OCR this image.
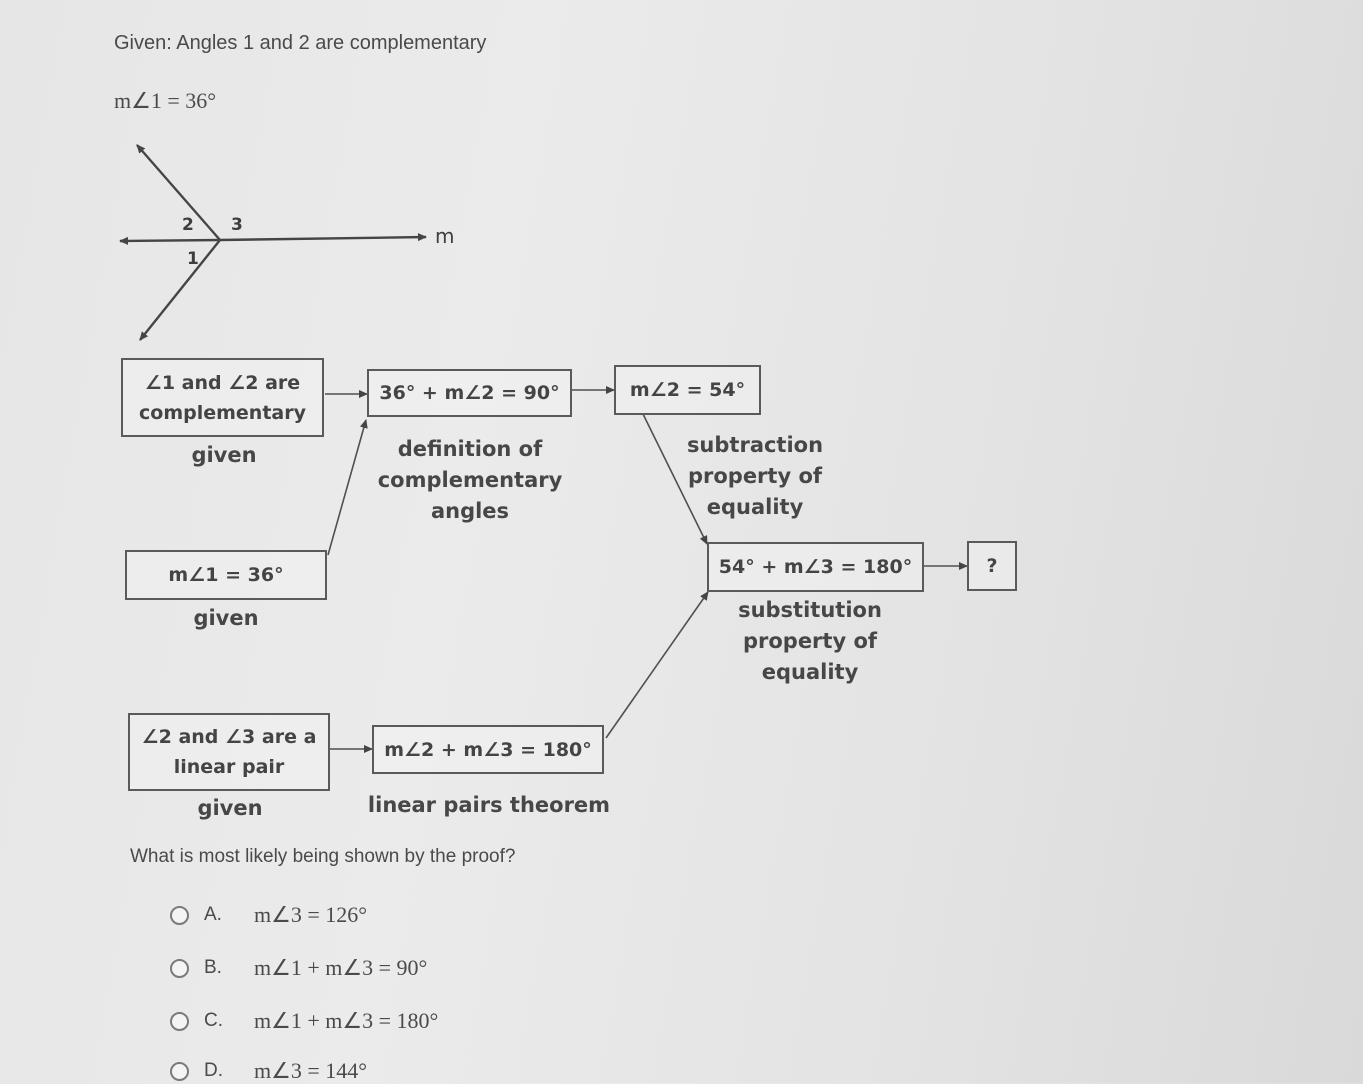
Given: Angles 1 and 2 are complementary
m∠1 = 36°
2 3
1
m
∠1 and ∠2 are complementary
36° + m∠2 = 90°	m∠2 = 54°
m∠1 = 36°	54° + m∠3 = 180°	?
∠2 and ∠3 are a linear pair
m∠2 + m∠3 = 180°
given	definition of complementary angles
subtraction property of equality
given	substitution property of equality
given	linear pairs theorem
What is most likely being shown by the proof?
A.	m∠3 = 126°
B.	m∠1 + m∠3 = 90°
C.	m∠1 + m∠3 = 180°
D.	m∠3 = 144°
